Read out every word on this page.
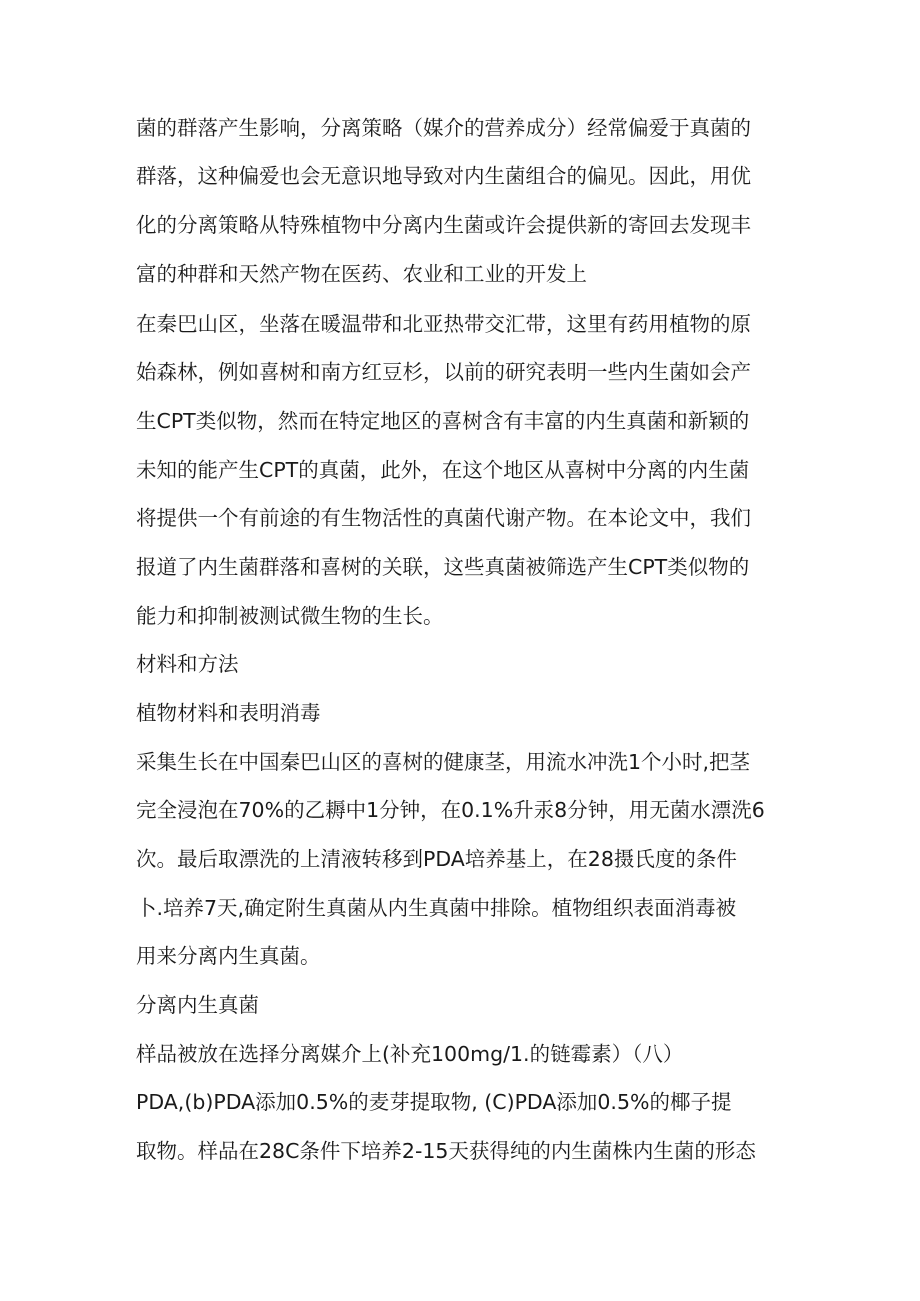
菌的群落产生影响，分离策略（媒介的营养成分）经常偏爱于真菌的
群落，这种偏爱也会无意识地导致对内生菌组合的偏见。因此，用优
化的分离策略从特殊植物中分离内生菌或许会提供新的寄回去发现丰
富的种群和天然产物在医药、农业和工业的开发上
在秦巴山区，坐落在暖温带和北亚热带交汇带，这里有药用植物的原
始森林，例如喜树和南方红豆杉，以前的研究表明一些内生菌如会产
生CPT类似物，然而在特定地区的喜树含有丰富的内生真菌和新颖的
未知的能产生CPT的真菌，此外，在这个地区从喜树中分离的内生菌
将提供一个有前途的有生物活性的真菌代谢产物。在本论文中，我们
报道了内生菌群落和喜树的关联，这些真菌被筛选产生CPT类似物的
能力和抑制被测试微生物的生长。
材料和方法
植物材料和表明消毒
采集生长在中国秦巴山区的喜树的健康茎，用流水冲洗1个小时,把茎
完全浸泡在70%的乙耨中1分钟，在0.1%升汞8分钟，用无菌水漂洗6
次。最后取漂洗的上清液转移到PDA培养基上，在28摄氏度的条件
卜.培养7天,确定附生真菌从内生真菌中排除。植物组织表面消毒被
用来分离内生真菌。
分离内生真菌
样品被放在选择分离媒介上(补充100mg/1.的链霉素）（八）
PDA,(b)PDA添加0.5%的麦芽提取物, (C)PDA添加0.5%的椰子提
取物。样品在28C条件下培养2-15天获得纯的内生菌株内生菌的形态
